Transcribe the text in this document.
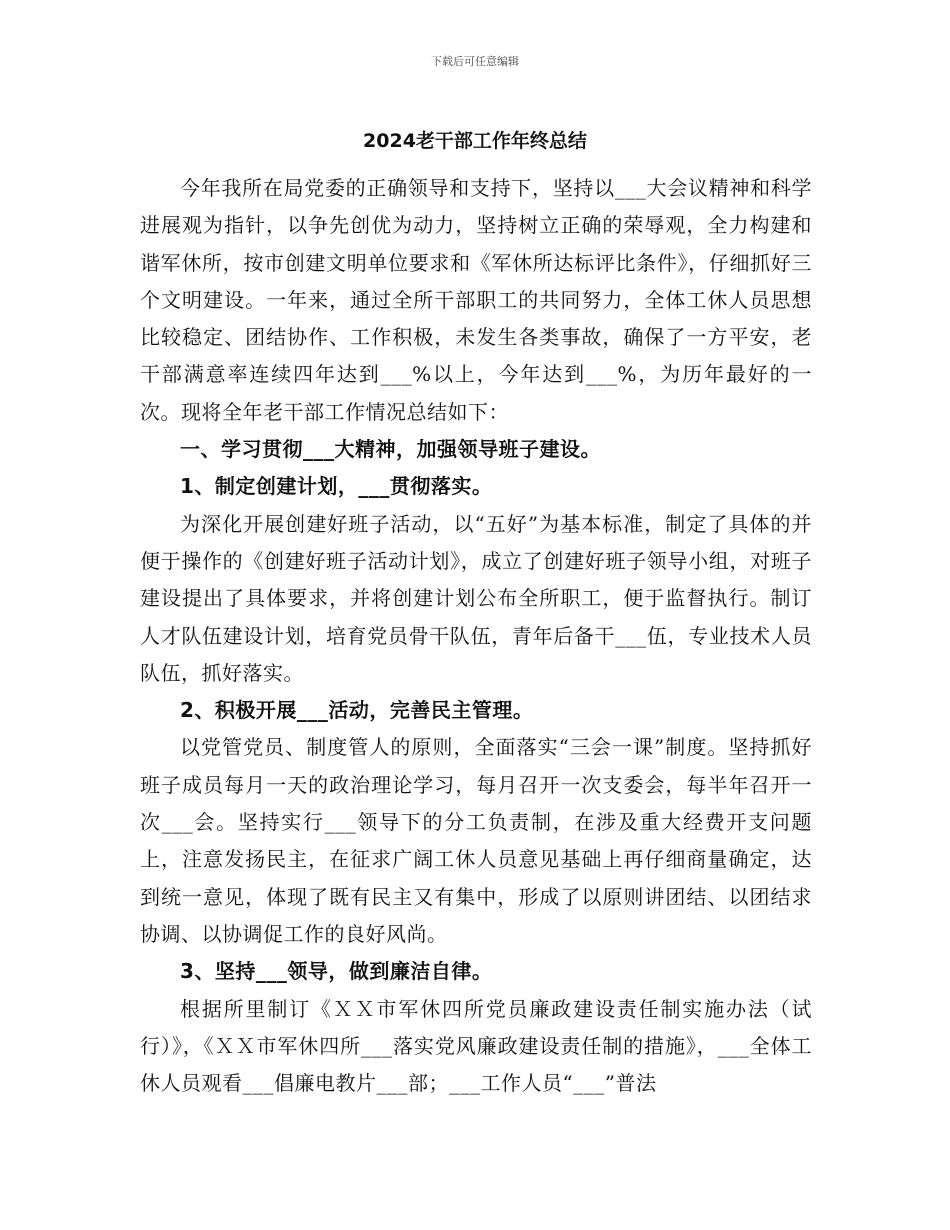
下载后可任意编辑
2024老干部工作年终总结

今年我所在局党委的正确领导和支持下，坚持以___大会议精神和科学进展观为指针，以争先创优为动力，坚持树立正确的荣辱观，全力构建和谐军休所，按市创建文明单位要求和《军休所达标评比条件》，仔细抓好三个文明建设。一年来，通过全所干部职工的共同努力，全体工休人员思想比较稳定、团结协作、工作积极，未发生各类事故，确保了一方平安，老干部满意率连续四年达到___%以上，今年达到___%，为历年最好的一次。现将全年老干部工作情况总结如下：

一、学习贯彻___大精神，加强领导班子建设。

1、制定创建计划，___贯彻落实。

为深化开展创建好班子活动，以“五好”为基本标准，制定了具体的并便于操作的《创建好班子活动计划》，成立了创建好班子领导小组，对班子建设提出了具体要求，并将创建计划公布全所职工，便于监督执行。制订人才队伍建设计划，培育党员骨干队伍，青年后备干___伍，专业技术人员队伍，抓好落实。

2、积极开展___活动，完善民主管理。

以党管党员、制度管人的原则，全面落实“三会一课”制度。坚持抓好班子成员每月一天的政治理论学习，每月召开一次支委会，每半年召开一次___会。坚持实行___领导下的分工负责制，在涉及重大经费开支问题上，注意发扬民主，在征求广阔工休人员意见基础上再仔细商量确定，达到统一意见，体现了既有民主又有集中，形成了以原则讲团结、以团结求协调、以协调促工作的良好风尚。

3、坚持___领导，做到廉洁自律。

根据所里制订《ＸＸ市军休四所党员廉政建设责任制实施办法（试行）》，《ＸＸ市军休四所___落实党风廉政建设责任制的措施》，___全体工休人员观看___倡廉电教片___部；___工作人员“___”普法
